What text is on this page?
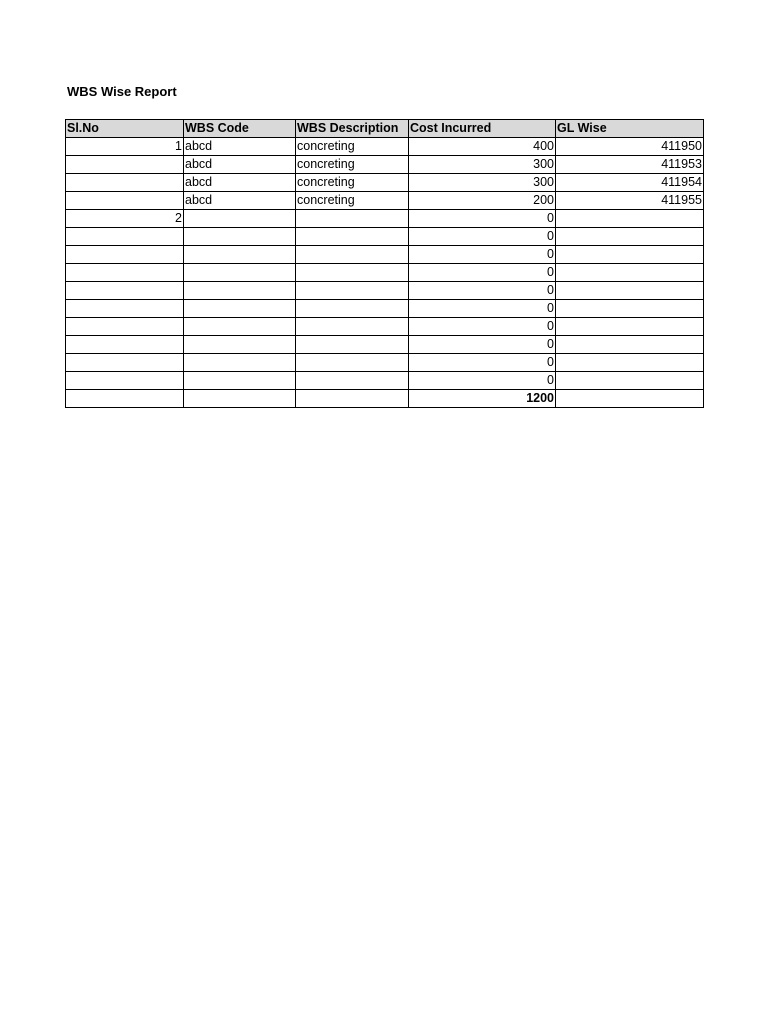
WBS Wise Report
Sl.No	WBS Code	WBS Description	Cost Incurred	GL Wise
1	abcd	concreting	400	411950
	abcd	concreting	300	411953
	abcd	concreting	300	411954
	abcd	concreting	200	411955
2			0	
			0	
			0	
			0	
			0	
			0	
			0	
			0	
			0	
			0	
			1200	
